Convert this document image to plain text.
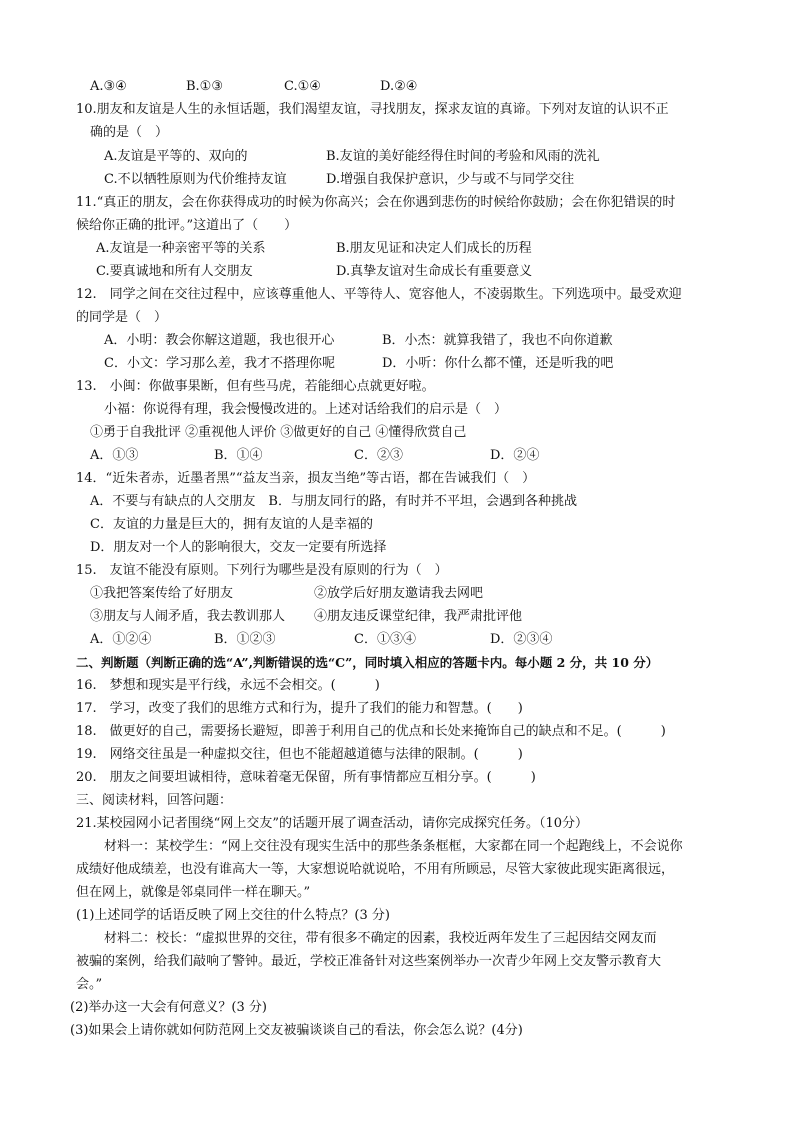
A.③④	B.①③	C.①④	D.②④
10.朋友和友谊是人生的永恒话题，我们渴望友谊，寻找朋友，探求友谊的真谛。下列对友谊的认识不正
确的是（　）
A.友谊是平等的、双向的	B.友谊的美好能经得住时间的考验和风雨的洗礼
C.不以牺牲原则为代价维持友谊	D.增强自我保护意识，少与或不与同学交往
11.“真正的朋友，会在你获得成功的时候为你高兴；会在你遇到悲伤的时候给你鼓励；会在你犯错误的时
候给你正确的批评。”这道出了（　　）
A.友谊是一种亲密平等的关系	B.朋友见证和决定人们成长的历程
C.要真诚地和所有人交朋友	D.真挚友谊对生命成长有重要意义
12.　同学之间在交往过程中，应该尊重他人、平等待人、宽容他人，不凌弱欺生。下列选项中。最受欢迎
的同学是（　）
A．小明：教会你解这道题，我也很开心	B．小杰：就算我错了，我也不向你道歉
C．小文：学习那么差，我才不搭理你呢	D．小听：你什么都不懂，还是听我的吧
13.　小闽：你做事果断，但有些马虎，若能细心点就更好啦。
小福：你说得有理，我会慢慢改进的。上述对话给我们的启示是（　）
①勇于自我批评 ②重视他人评价 ③做更好的自己 ④懂得欣赏自己
A．①③	B．①④	C．②③	D．②④
14．“近朱者赤，近墨者黑”“益友当亲，损友当绝”等古语，都在告诫我们（　）
A．不要与有缺点的人交朋友　B．与朋友同行的路，有时并不平坦，会遇到各种挑战
C．友谊的力量是巨大的，拥有友谊的人是幸福的
D．朋友对一个人的影响很大，交友一定要有所选择
15.　友谊不能没有原则。下列行为哪些是没有原则的行为（　）
①我把答案传给了好朋友	②放学后好朋友邀请我去网吧
③朋友与人闹矛盾，我去教训那人 ④朋友违反课堂纪律，我严肃批评他
A．①②④	B．①②③	C．①③④	D．②③④
二、判断题（判断正确的选“A”,判断错误的选“C”，同时填入相应的答题卡内。每小题 2 分，共 10 分）
16.　梦想和现实是平行线，永远不会相交。(　　　)
17.　学习，改变了我们的思维方式和行为，提升了我们的能力和智慧。(　　)
18.　做更好的自己，需要扬长避短，即善于利用自己的优点和长处来掩饰自己的缺点和不足。(　　　)
19.　网络交往虽是一种虚拟交往，但也不能超越道德与法律的限制。(　　　)
20.　朋友之间要坦诚相待，意味着毫无保留，所有事情都应互相分享。(　　　)
三、阅读材料，回答问题：
21.某校园网小记者围绕“网上交友”的话题开展了调查活动，请你完成探究任务。（10分）
材料一：某校学生：“网上交往没有现实生活中的那些条条框框，大家都在同一个起跑线上，不会说你
成绩好他成绩差，也没有谁高大一等，大家想说哈就说哈，不用有所顾忌，尽管大家彼此现实距离很远，
但在网上，就像是邻桌同伴一样在聊天。”
(1)上述同学的话语反映了网上交往的什么特点？(3 分)
材料二：校长：“虚拟世界的交往，带有很多不确定的因素，我校近两年发生了三起因结交网友而
被骗的案例，给我们敲响了警钟。最近，学校正准备针对这些案例举办一次青少年网上交友警示教育大
会。”
(2)举办这一大会有何意义？(3 分)
(3)如果会上请你就如何防范网上交友被骗谈谈自己的看法，你会怎么说？(4分)
